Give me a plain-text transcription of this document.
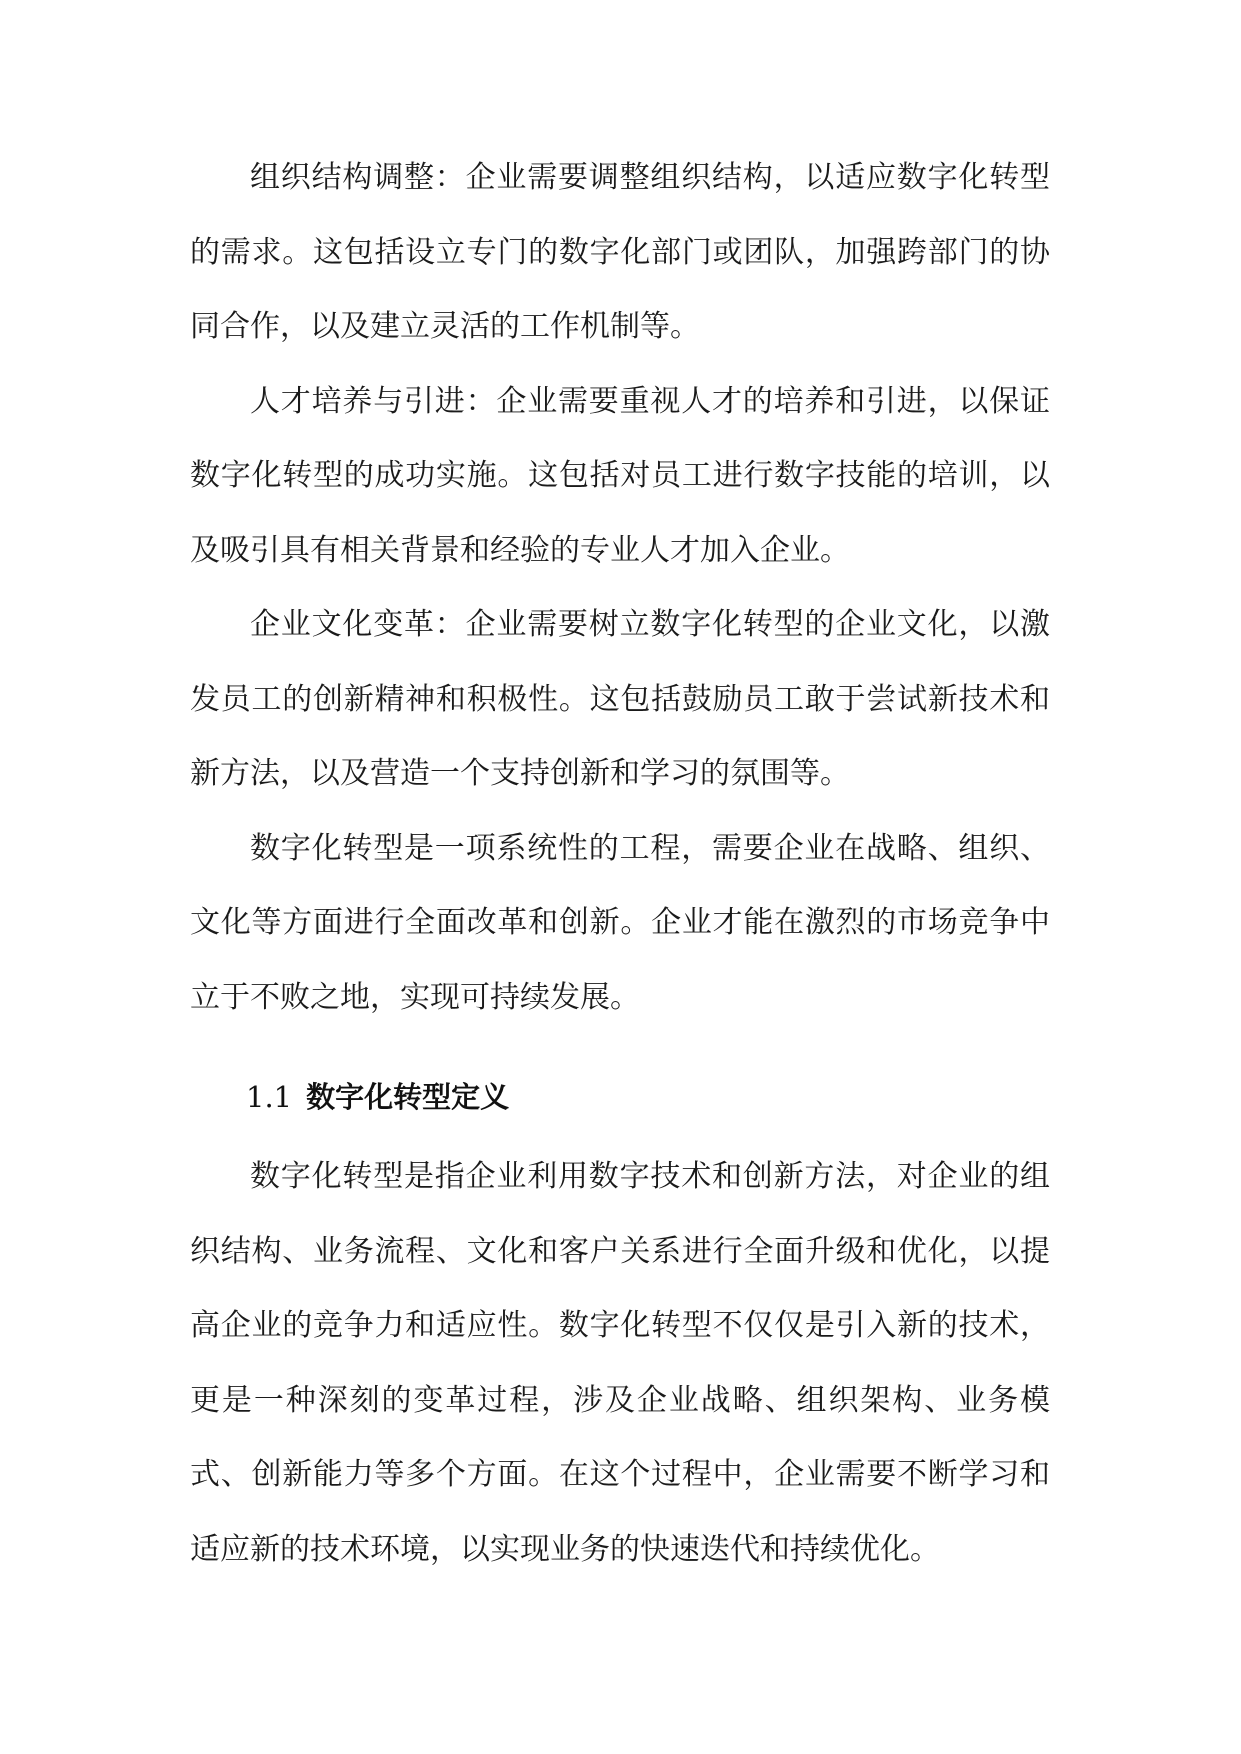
组织结构调整：企业需要调整组织结构，以适应数字化转型的需求。这包括设立专门的数字化部门或团队，加强跨部门的协同合作，以及建立灵活的工作机制等。

人才培养与引进：企业需要重视人才的培养和引进，以保证数字化转型的成功实施。这包括对员工进行数字技能的培训，以及吸引具有相关背景和经验的专业人才加入企业。

企业文化变革：企业需要树立数字化转型的企业文化，以激发员工的创新精神和积极性。这包括鼓励员工敢于尝试新技术和新方法，以及营造一个支持创新和学习的氛围等。

数字化转型是一项系统性的工程，需要企业在战略、组织、文化等方面进行全面改革和创新。企业才能在激烈的市场竞争中立于不败之地，实现可持续发展。

1.1 数字化转型定义

数字化转型是指企业利用数字技术和创新方法，对企业的组织结构、业务流程、文化和客户关系进行全面升级和优化，以提高企业的竞争力和适应性。数字化转型不仅仅是引入新的技术，更是一种深刻的变革过程，涉及企业战略、组织架构、业务模式、创新能力等多个方面。在这个过程中，企业需要不断学习和适应新的技术环境，以实现业务的快速迭代和持续优化。
